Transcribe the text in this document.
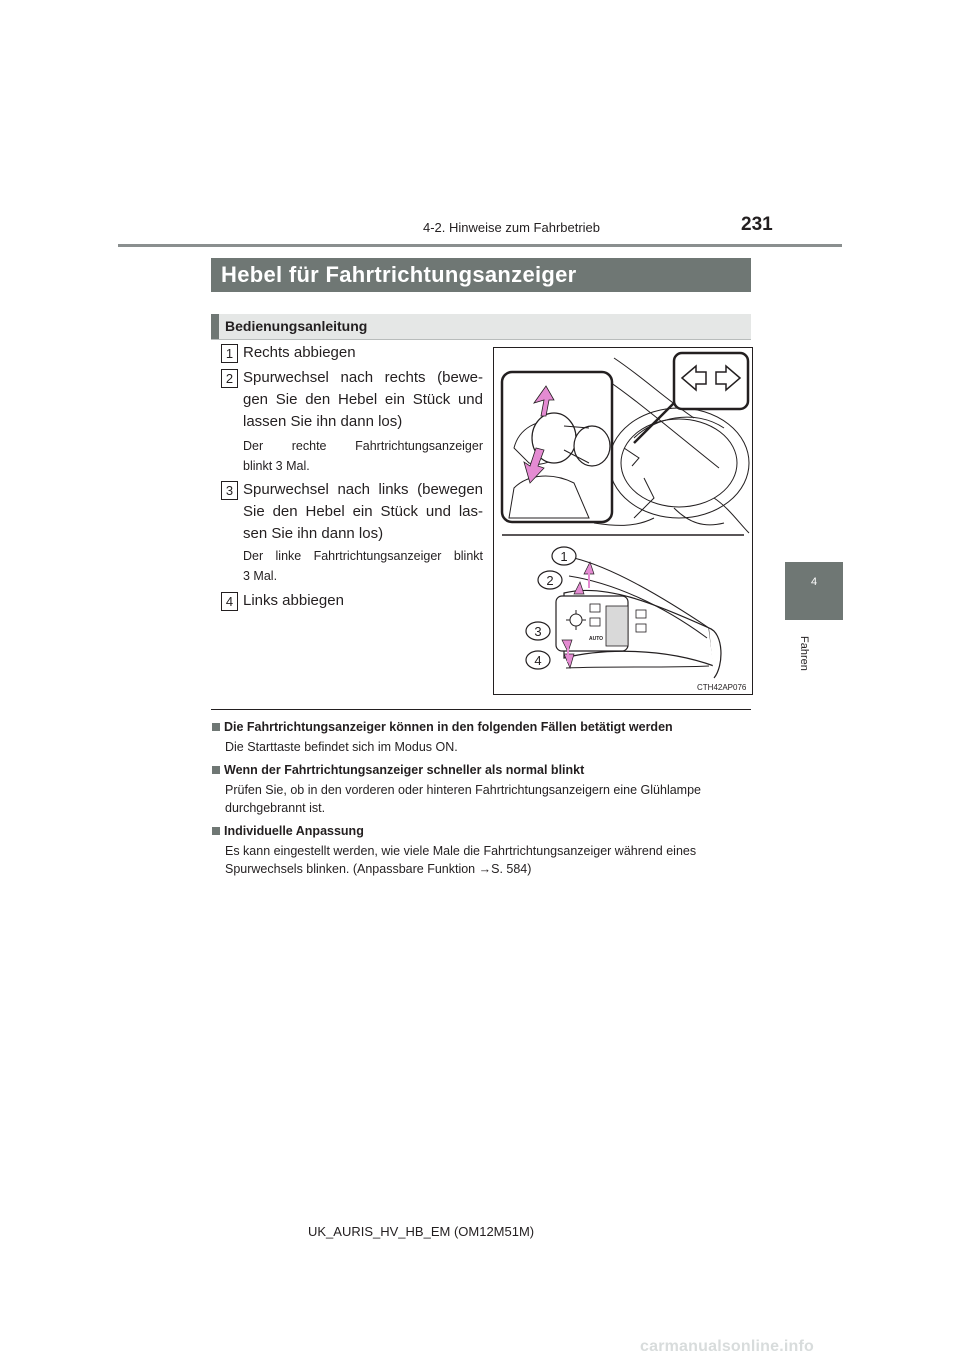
4-2. Hinweise zum Fahrbetrieb	231
4
Fahren
Hebel für Fahrtrichtungsanzeiger
Bedienungsanleitung
1 Rechts abbiegen
2 Spurwechsel nach rechts (bewe-
gen Sie den Hebel ein Stück und
lassen Sie ihn dann los)
Der rechte Fahrtrichtungsanzeiger
blinkt 3 Mal.
3 Spurwechsel nach links (bewegen
Sie den Hebel ein Stück und las-
sen Sie ihn dann los)
Der linke Fahrtrichtungsanzeiger blinkt
3 Mal.
4 Links abbiegen
AUTO
1
2
3
4
CTH42AP076
Die Fahrtrichtungsanzeiger können in den folgenden Fällen betätigt werden
Die Starttaste befindet sich im Modus ON.
Wenn der Fahrtrichtungsanzeiger schneller als normal blinkt
Prüfen Sie, ob in den vorderen oder hinteren Fahrtrichtungsanzeigern eine Glühlampe
durchgebrannt ist.
Individuelle Anpassung
Es kann eingestellt werden, wie viele Male die Fahrtrichtungsanzeiger während eines
Spurwechsels blinken. (Anpassbare Funktion →S. 584)
UK_AURIS_HV_HB_EM (OM12M51M)
carmanualsonline.info
